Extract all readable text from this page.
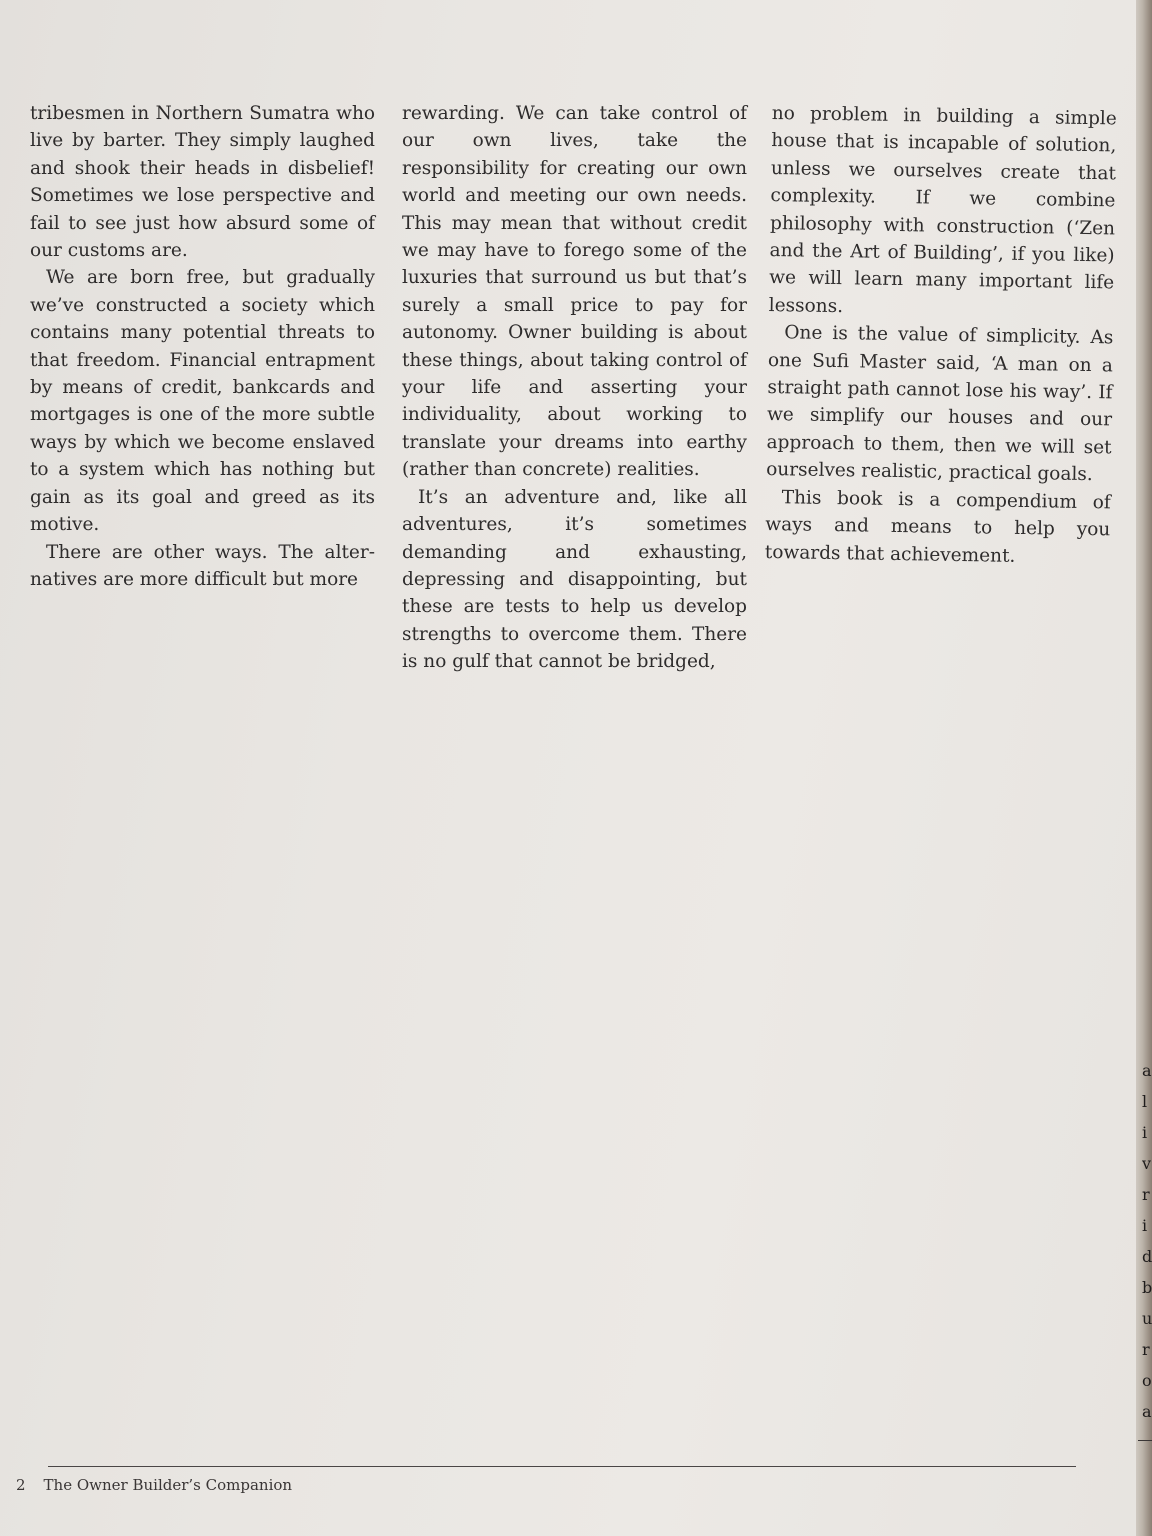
tribesmen in Northern Sumatra who live by barter. They simply laughed and shook their heads in disbelief! Sometimes we lose perspective and fail to see just how absurd some of our customs are.

We are born free, but gradually we’ve constructed a society which contains many potential threats to that freedom. Financial entrapment by means of credit, bankcards and mortgages is one of the more subtle ways by which we become enslaved to a system which has nothing but gain as its goal and greed as its motive.

There are other ways. The alternatives are more difficult but more

rewarding. We can take control of our own lives, take the responsibility for creating our own world and meeting our own needs. This may mean that without credit we may have to forego some of the luxuries that surround us but that’s surely a small price to pay for autonomy. Owner building is about these things, about taking control of your life and asserting your individuality, about working to translate your dreams into earthy (rather than concrete) realities.

It’s an adventure and, like all adventures, it’s sometimes demanding and exhausting, depressing and disappointing, but these are tests to help us develop strengths to overcome them. There is no gulf that cannot be bridged,

no problem in building a simple house that is incapable of solution, unless we ourselves create that complexity. If we combine philosophy with construction (‘Zen and the Art of Building’, if you like) we will learn many important life lessons.

One is the value of simplicity. As one Sufi Master said, ‘A man on a straight path cannot lose his way’. If we simplify our houses and our approach to them, then we will set ourselves realistic, practical goals.

This book is a compendium of ways and means to help you towards that achievement.

2 The Owner Builder’s Companion
a
l
i
v
r
i
d
b
u
r
o
a
